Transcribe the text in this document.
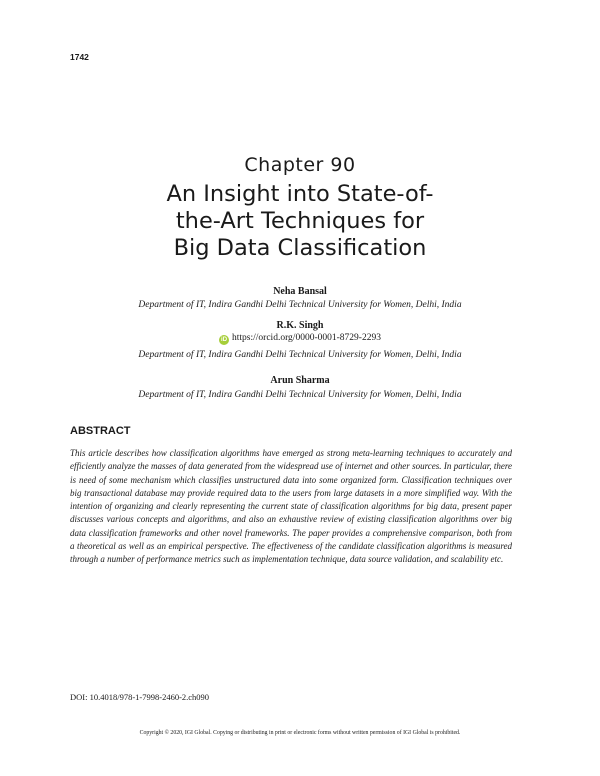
1742
Chapter 90
An Insight into State-of-
the-Art Techniques for
Big Data Classification
Neha Bansal
Department of IT, Indira Gandhi Delhi Technical University for Women, Delhi, India
R.K. Singh
iD https://orcid.org/0000-0001-8729-2293
Department of IT, Indira Gandhi Delhi Technical University for Women, Delhi, India
Arun Sharma
Department of IT, Indira Gandhi Delhi Technical University for Women, Delhi, India
ABSTRACT

This article describes how classification algorithms have emerged as strong meta-learning techniques to accurately and efficiently analyze the masses of data generated from the widespread use of internet and other sources. In particular, there is need of some mechanism which classifies unstructured data into some organized form. Classification techniques over big transactional database may provide required data to the users from large datasets in a more simplified way. With the intention of organizing and clearly representing the current state of classification algorithms for big data, present paper discusses various concepts and algorithms, and also an exhaustive review of existing classification algorithms over big data classification frameworks and other novel frameworks. The paper provides a comprehensive comparison, both from a theoretical as well as an empirical perspective. The effectiveness of the candidate classification algorithms is measured through a number of performance metrics such as implementation technique, data source validation, and scalability etc.

DOI: 10.4018/978-1-7998-2460-2.ch090
Copyright © 2020, IGI Global. Copying or distributing in print or electronic forms without written permission of IGI Global is prohibited.
